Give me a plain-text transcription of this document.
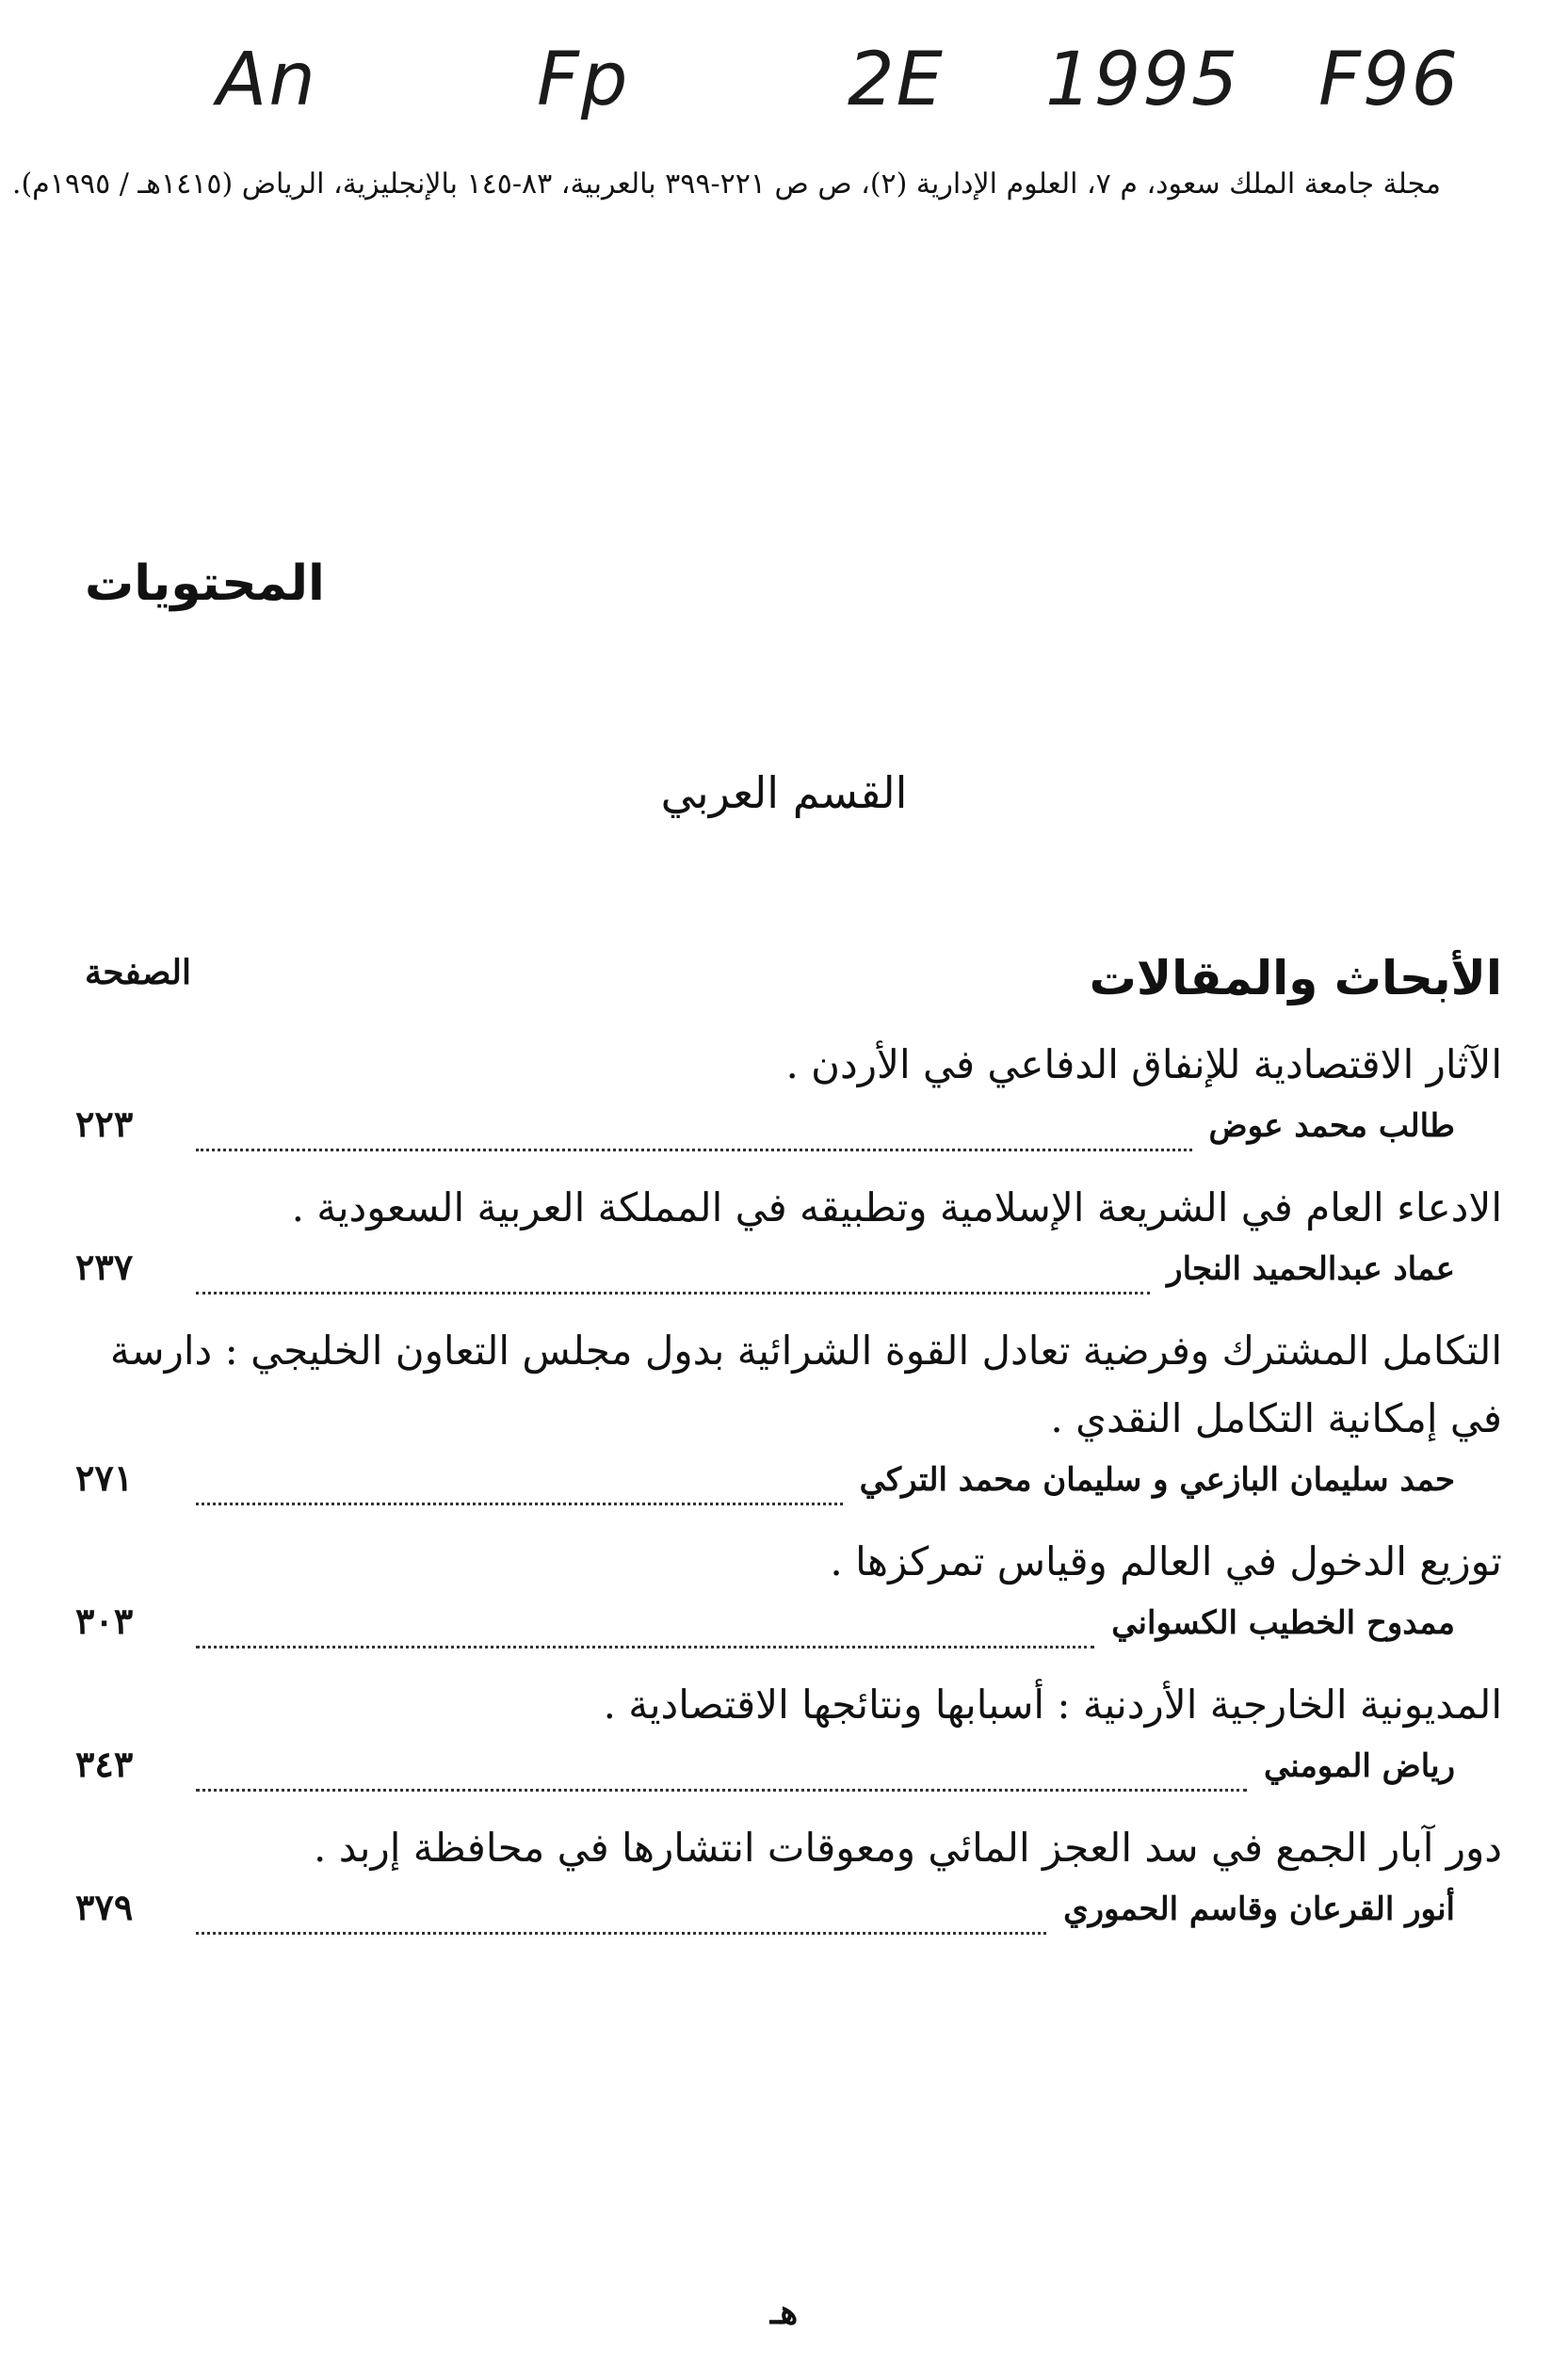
An	Fp	2E 1995 F96
مجلة جامعة الملك سعود، م ٧، العلوم الإدارية (٢)، ص ص ٢٢١-٣٩٩ بالعربية، ٨٣-١٤٥ بالإنجليزية، الرياض (١٤١٥هـ / ١٩٩٥م).
المحتويات
القسم العربي
الأبحاث والمقالات
الصفحة
الآثار الاقتصادية للإنفاق الدفاعي في الأردن .
طالب محمد عوض
٢٢٣
الادعاء العام في الشريعة الإسلامية وتطبيقه في المملكة العربية السعودية .
عماد عبدالحميد النجار
٢٣٧
التكامل المشترك وفرضية تعادل القوة الشرائية بدول مجلس التعاون الخليجي : دارسة في إمكانية التكامل النقدي .
حمد سليمان البازعي و سليمان محمد التركي
٢٧١
توزيع الدخول في العالم وقياس تمركزها .
ممدوح الخطيب الكسواني
٣٠٣
المديونية الخارجية الأردنية : أسبابها ونتائجها الاقتصادية .
رياض المومني
٣٤٣
دور آبار الجمع في سد العجز المائي ومعوقات انتشارها في محافظة إربد .
أنور القرعان وقاسم الحموري
٣٧٩
هـ
